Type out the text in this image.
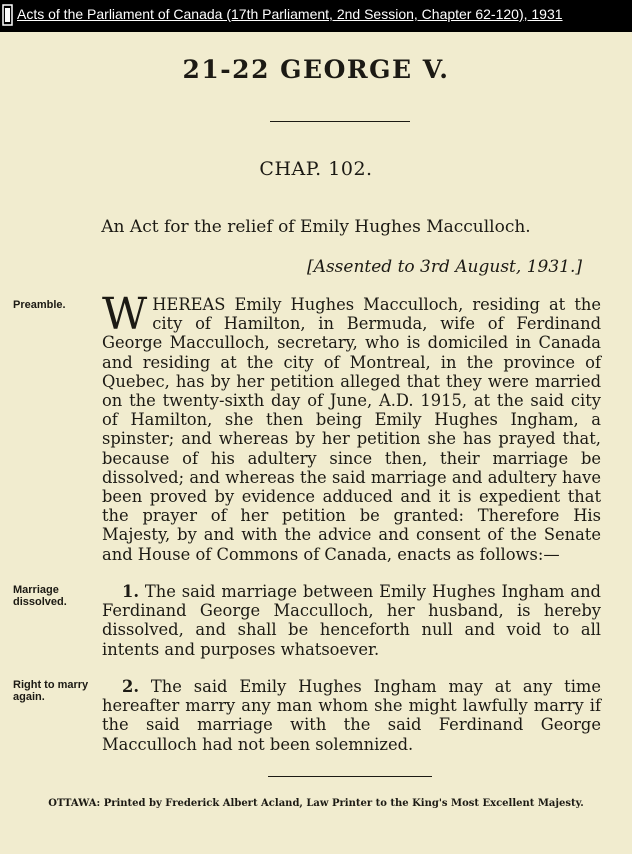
Acts of the Parliament of Canada (17th Parliament, 2nd Session, Chapter 62-120), 1931
21-22 GEORGE V.
CHAP. 102.
An Act for the relief of Emily Hughes Macculloch.
[Assented to 3rd August, 1931.]
Preamble. WHEREAS Emily Hughes Macculloch, residing at the city of Hamilton, in Bermuda, wife of Ferdinand George Macculloch, secretary, who is domiciled in Canada and residing at the city of Montreal, in the province of Quebec, has by her petition alleged that they were married on the twenty-sixth day of June, A.D. 1915, at the said city of Hamilton, she then being Emily Hughes Ingham, a spinster; and whereas by her petition she has prayed that, because of his adultery since then, their marriage be dissolved; and whereas the said marriage and adultery have been proved by evidence adduced and it is expedient that the prayer of her petition be granted: Therefore His Majesty, by and with the advice and consent of the Senate and House of Commons of Canada, enacts as follows:—
Marriage dissolved.
1. The said marriage between Emily Hughes Ingham and Ferdinand George Macculloch, her husband, is hereby dissolved, and shall be henceforth null and void to all intents and purposes whatsoever.
Right to marry again.
2. The said Emily Hughes Ingham may at any time hereafter marry any man whom she might lawfully marry if the said marriage with the said Ferdinand George Macculloch had not been solemnized.
OTTAWA: Printed by Frederick Albert Acland, Law Printer to the King's Most Excellent Majesty.
